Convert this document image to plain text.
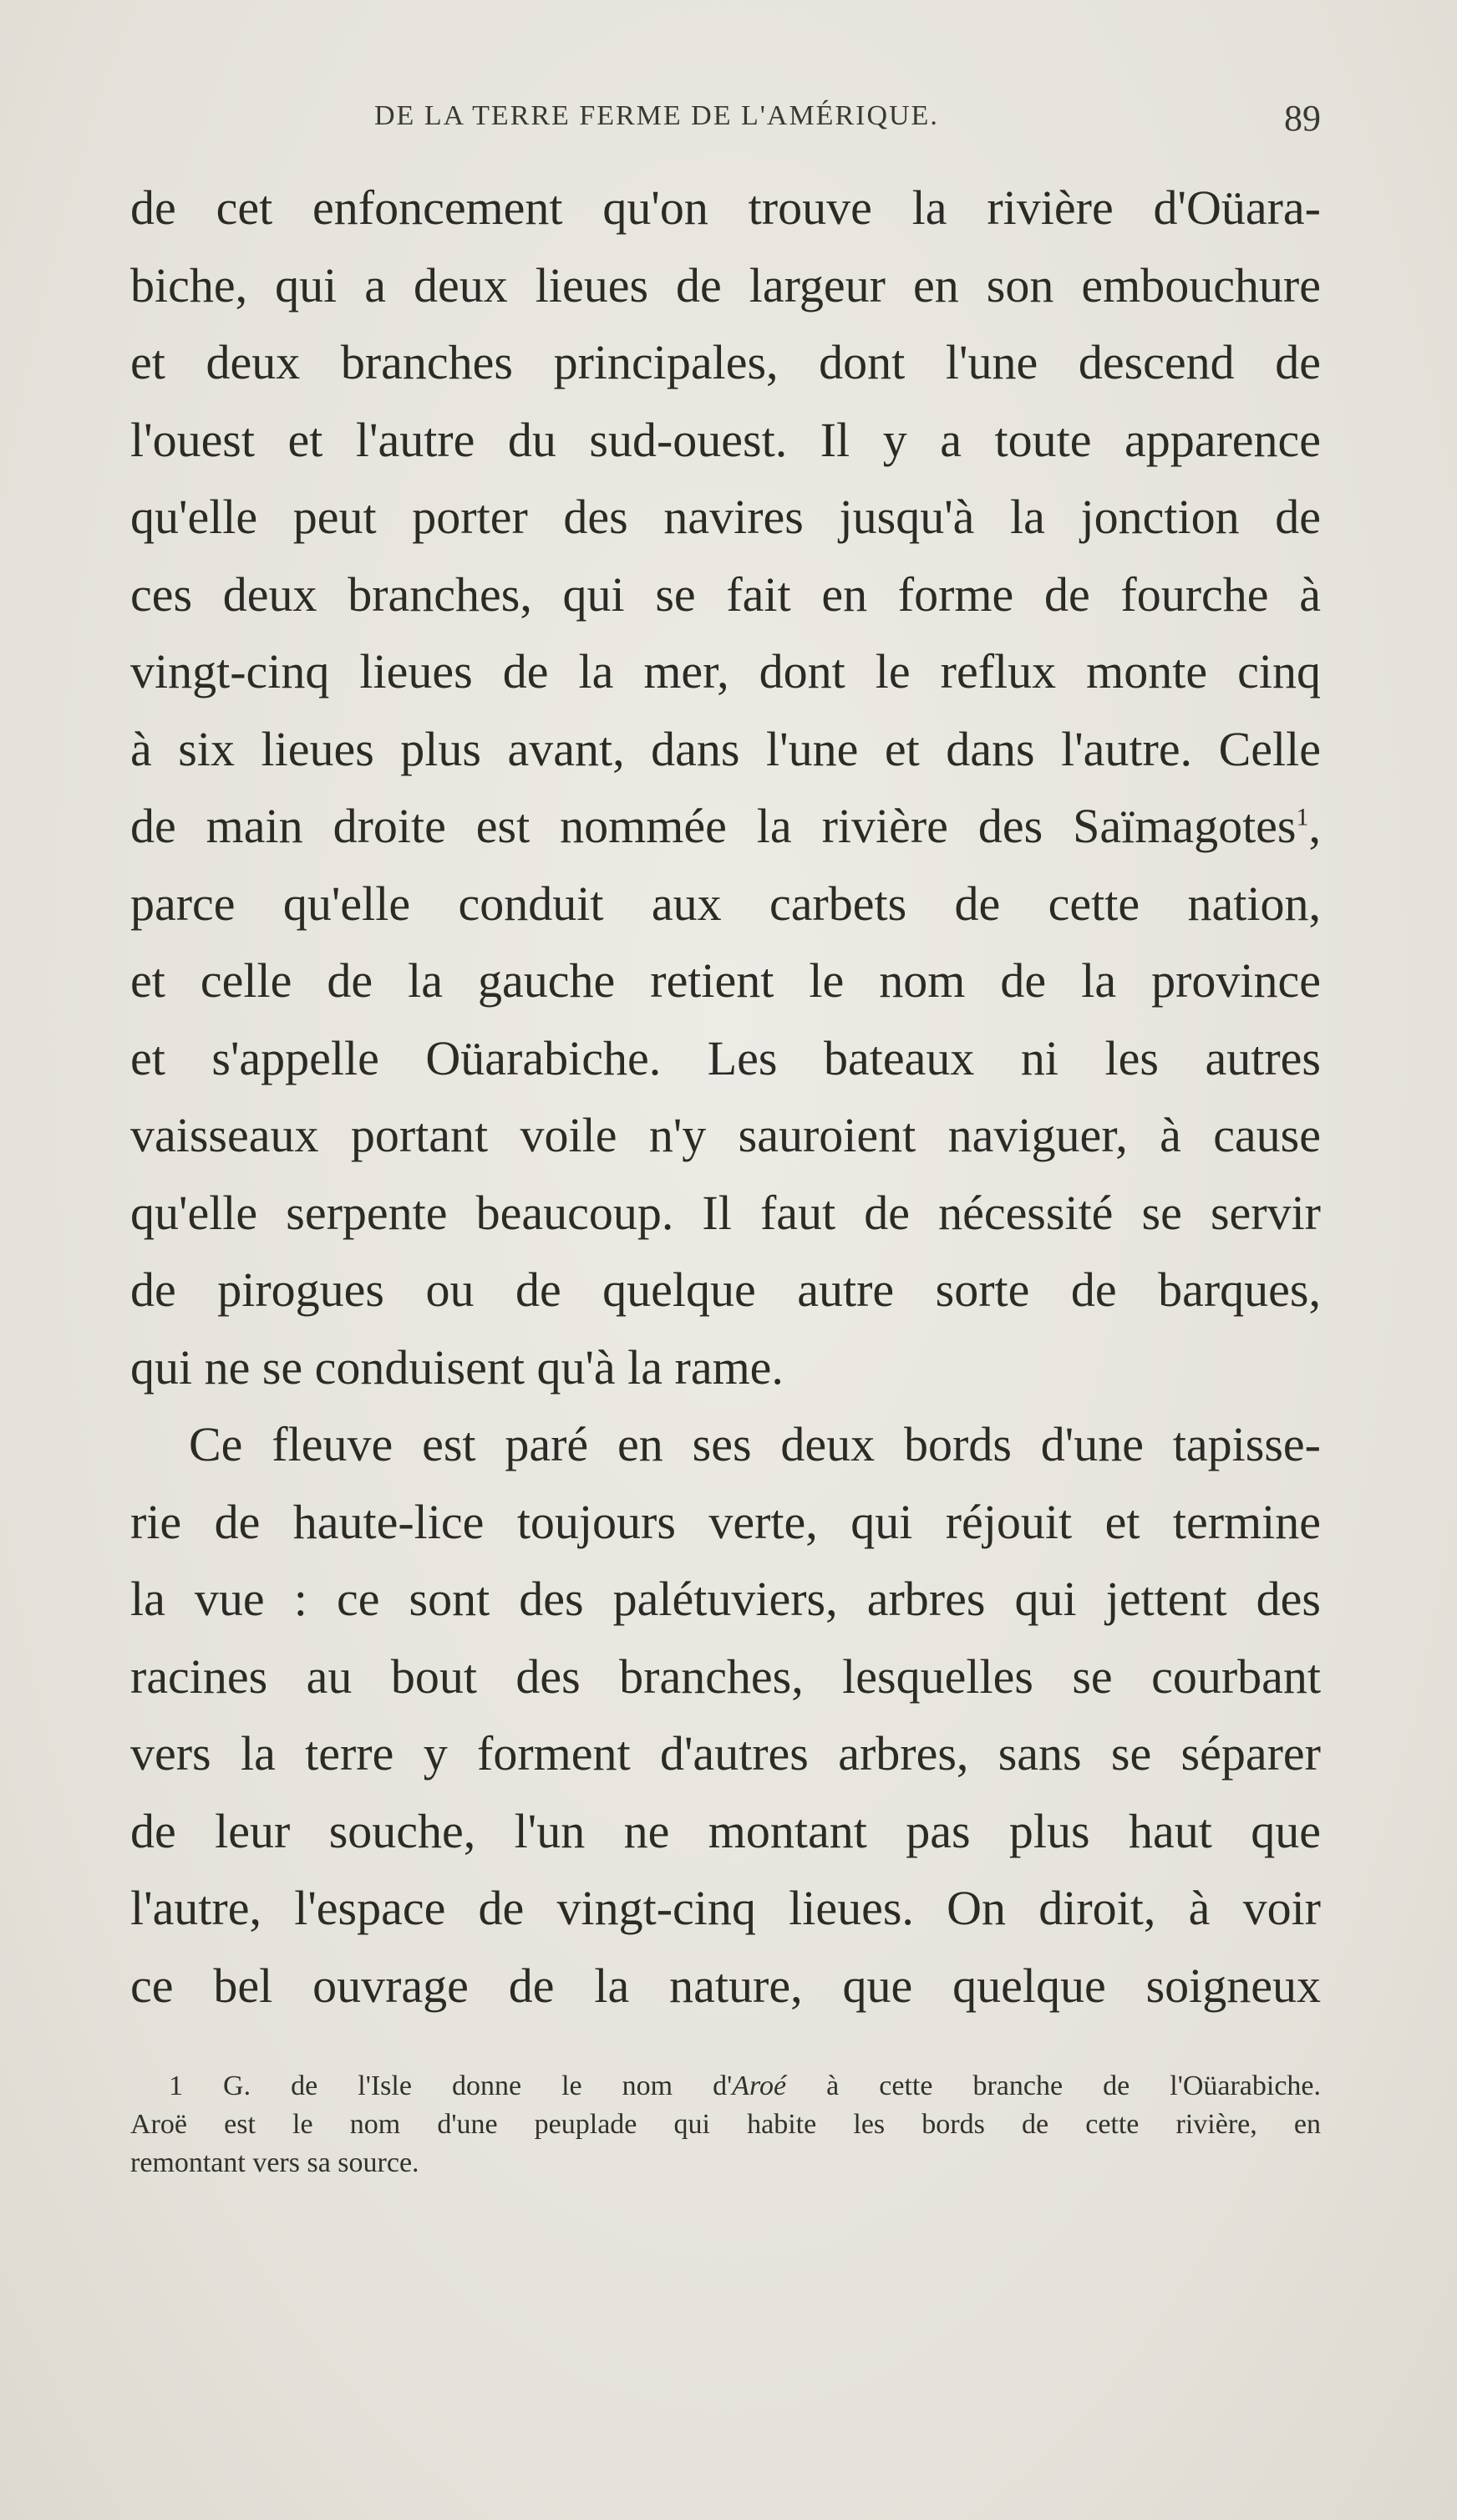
DE LA TERRE FERME DE L'AMÉRIQUE.	89
de cet enfoncement qu'on trouve la rivière d'Oüara-
biche, qui a deux lieues de largeur en son embouchure
et deux branches principales, dont l'une descend de
l'ouest et l'autre du sud-ouest. Il y a toute apparence
qu'elle peut porter des navires jusqu'à la jonction de
ces deux branches, qui se fait en forme de fourche à
vingt-cinq lieues de la mer, dont le reflux monte cinq
à six lieues plus avant, dans l'une et dans l'autre. Celle
de main droite est nommée la rivière des Saïmagotes$^1$,
parce qu'elle conduit aux carbets de cette nation,
et celle de la gauche retient le nom de la province
et s'appelle Oüarabiche. Les bateaux ni les autres
vaisseaux portant voile n'y sauroient naviguer, à cause
qu'elle serpente beaucoup. Il faut de nécessité se servir
de pirogues ou de quelque autre sorte de barques,
qui ne se conduisent qu'à la rame.
Ce fleuve est paré en ses deux bords d'une tapisse-
rie de haute-lice toujours verte, qui réjouit et termine
la vue : ce sont des palétuviers, arbres qui jettent des
racines au bout des branches, lesquelles se courbant
vers la terre y forment d'autres arbres, sans se séparer
de leur souche, l'un ne montant pas plus haut que
l'autre, l'espace de vingt-cinq lieues. On diroit, à voir
ce bel ouvrage de la nature, que quelque soigneux
1 G. de l'Isle donne le nom d'Aroé à cette branche de l'Oüarabiche.
Aroë est le nom d'une peuplade qui habite les bords de cette rivière, en
remontant vers sa source.
